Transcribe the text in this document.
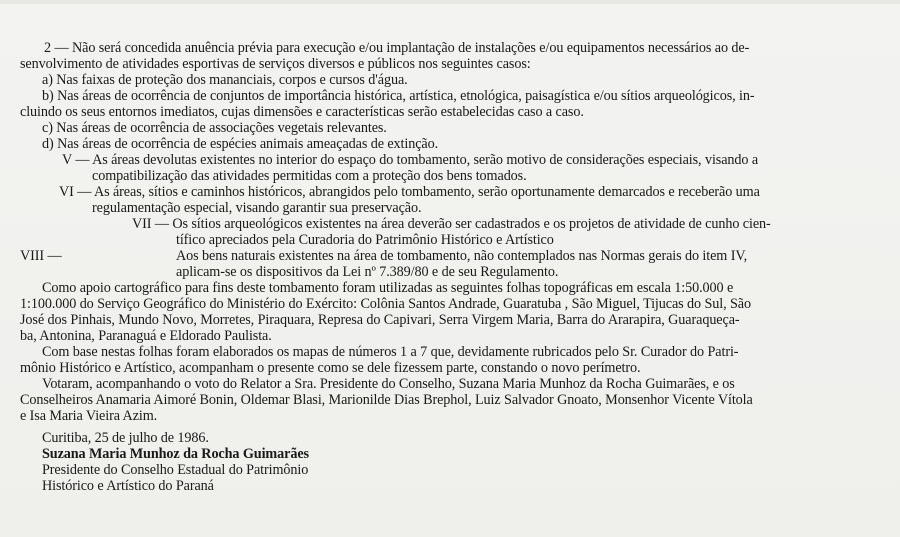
2 — Não será concedida anuência prévia para execução e/ou implantação de instalações e/ou equipamentos necessários ao de-
senvolvimento de atividades esportivas de serviços diversos e públicos nos seguintes casos:
a) Nas faixas de proteção dos mananciais, corpos e cursos d'água.
b) Nas áreas de ocorrência de conjuntos de importância histórica, artística, etnológica, paisagística e/ou sítios arqueológicos, in-
cluindo os seus entornos imediatos, cujas dimensões e características serão estabelecidas caso a caso.
c) Nas áreas de ocorrência de associações vegetais relevantes.
d) Nas áreas de ocorrência de espécies animais ameaçadas de extinção.
V — As áreas devolutas existentes no interior do espaço do tombamento, serão motivo de considerações especiais, visando a
compatibilização das atividades permitidas com a proteção dos bens tomados.
VI — As áreas, sítios e caminhos históricos, abrangidos pelo tombamento, serão oportunamente demarcados e receberão uma
regulamentação especial, visando garantir sua preservação.
VII — Os sítios arqueológicos existentes na área deverão ser cadastrados e os projetos de atividade de cunho cien-
tífico apreciados pela Curadoria do Patrimônio Histórico e Artístico
VIII —	Aos bens naturais existentes na área de tombamento, não contemplados nas Normas gerais do item IV,
aplicam-se os dispositivos da Lei nº 7.389/80 e de seu Regulamento.
Como apoio cartográfico para fins deste tombamento foram utilizadas as seguintes folhas topográficas em escala 1:50.000 e
1:100.000 do Serviço Geográfico do Ministério do Exército: Colônia Santos Andrade, Guaratuba , São Miguel, Tijucas do Sul, São
José dos Pinhais, Mundo Novo, Morretes, Piraquara, Represa do Capivari, Serra Virgem Maria, Barra do Ararapira, Guaraqueça-
ba, Antonina, Paranaguá e Eldorado Paulista.
Com base nestas folhas foram elaborados os mapas de números 1 a 7 que, devidamente rubricados pelo Sr. Curador do Patri-
mônio Histórico e Artístico, acompanham o presente como se dele fizessem parte, constando o novo perímetro.
Votaram, acompanhando o voto do Relator a Sra. Presidente do Conselho, Suzana Maria Munhoz da Rocha Guimarães, e os
Conselheiros Anamaria Aimoré Bonin, Oldemar Blasi, Marionilde Dias Brephol, Luiz Salvador Gnoato, Monsenhor Vicente Vítola
e Isa Maria Vieira Azim.
Curitiba, 25 de julho de 1986.
Suzana Maria Munhoz da Rocha Guimarães
Presidente do Conselho Estadual do Patrimônio
Histórico e Artístico do Paraná
